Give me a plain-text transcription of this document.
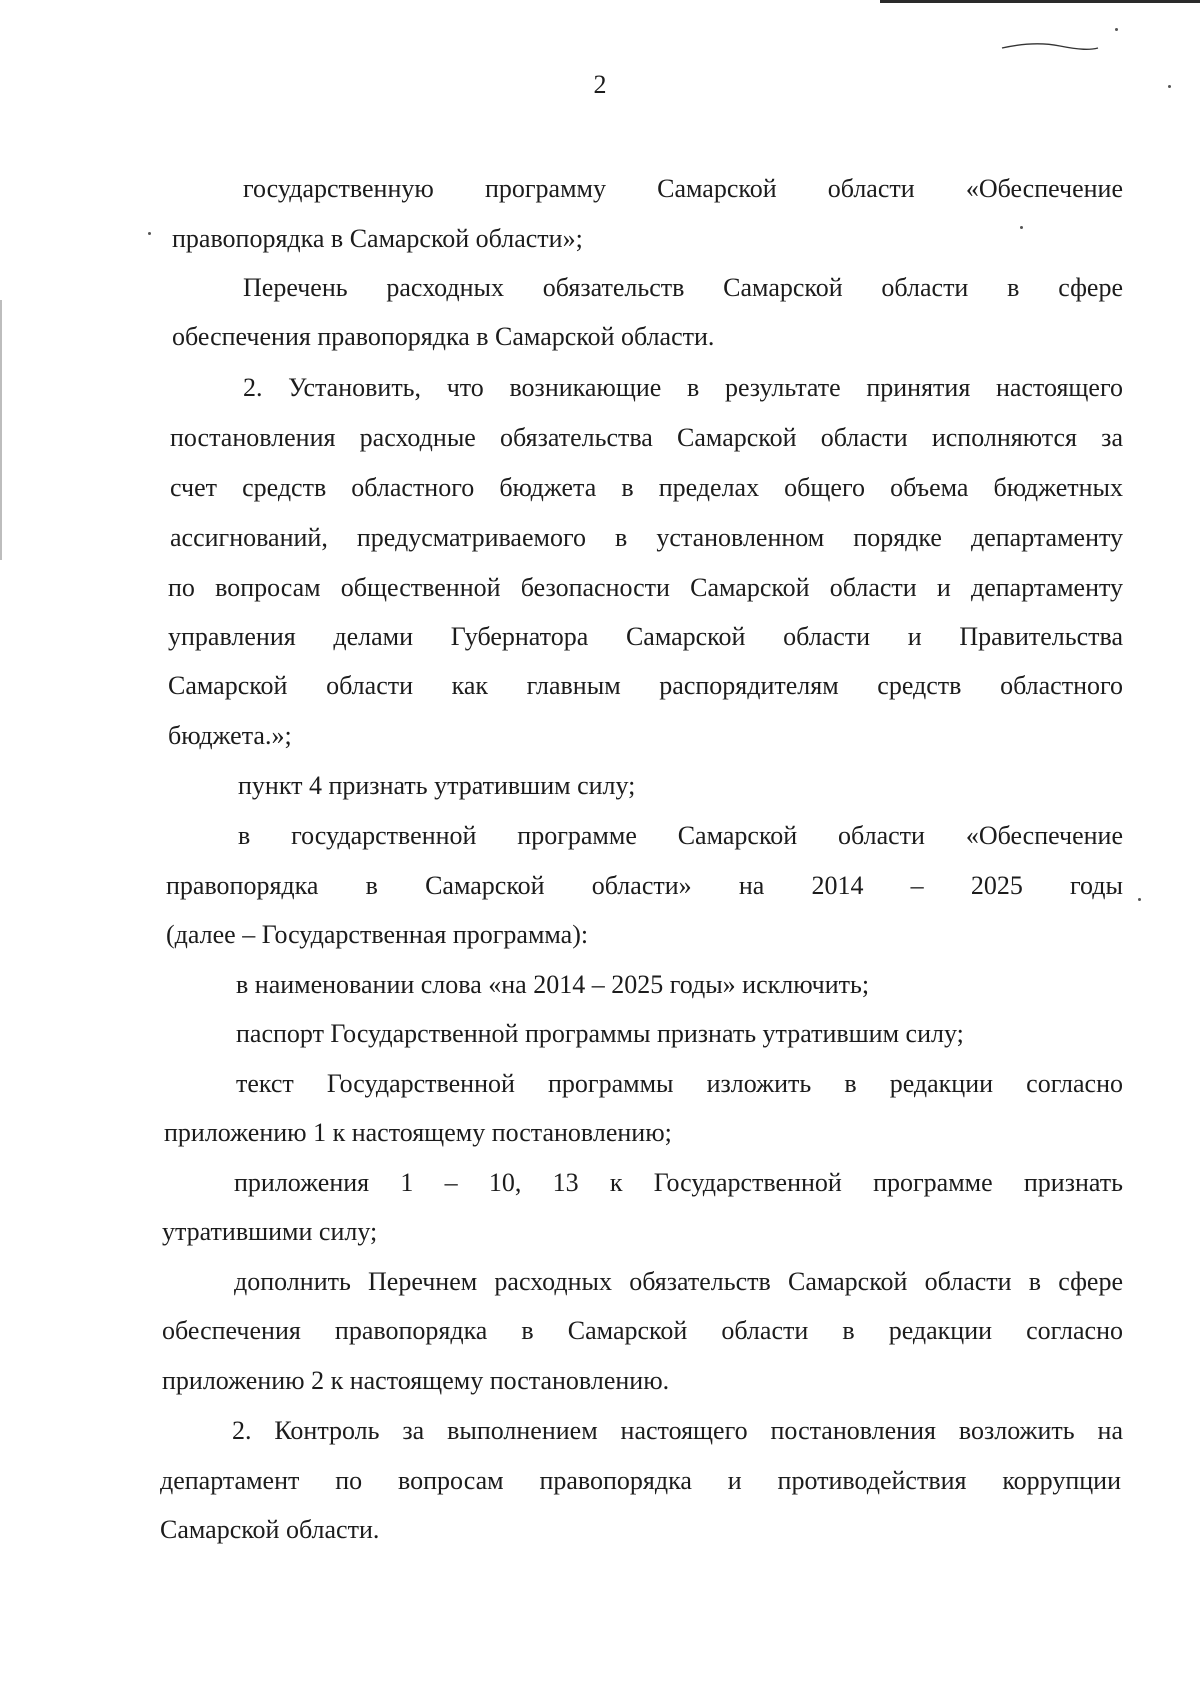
2
государственную программу Самарской области «Обеспечение
правопорядка в Самарской области»;
Перечень расходных обязательств Самарской области в сфере
обеспечения правопорядка в Самарской области.
2. Установить, что возникающие в результате принятия настоящего
постановления расходные обязательства Самарской области исполняются за
счет средств областного бюджета в пределах общего объема бюджетных
ассигнований, предусматриваемого в установленном порядке департаменту
по вопросам общественной безопасности Самарской области и департаменту
управления делами Губернатора Самарской области и Правительства
Самарской области как главным распорядителям средств областного
бюджета.»;
пункт 4 признать утратившим силу;
в государственной программе Самарской области «Обеспечение
правопорядка в Самарской области» на 2014 – 2025 годы
(далее – Государственная программа):
в наименовании слова «на 2014 – 2025 годы» исключить;
паспорт Государственной программы признать утратившим силу;
текст Государственной программы изложить в редакции согласно
приложению 1 к настоящему постановлению;
приложения 1 – 10, 13 к Государственной программе признать
утратившими силу;
дополнить Перечнем расходных обязательств Самарской области в сфере
обеспечения правопорядка в Самарской области в редакции согласно
приложению 2 к настоящему постановлению.
2. Контроль за выполнением настоящего постановления возложить на
департамент по вопросам правопорядка и противодействия коррупции
Самарской области.
